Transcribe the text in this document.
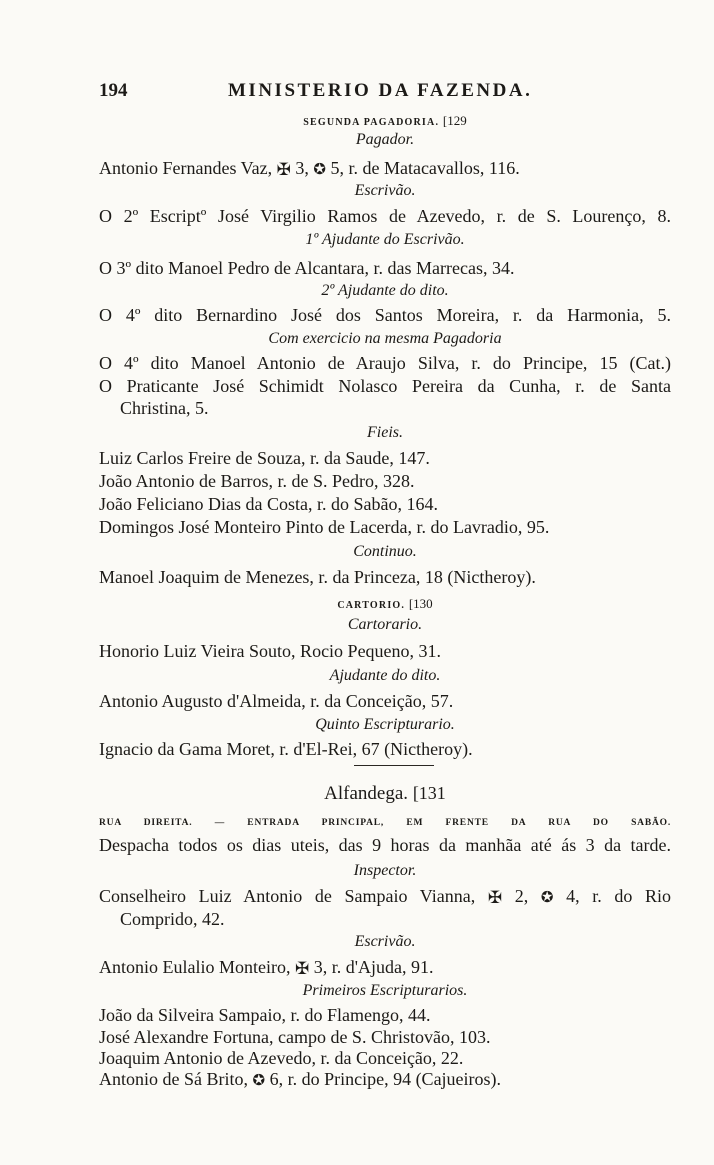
194	MINISTERIO DA FAZENDA.
SEGUNDA PAGADORIA. [129
Pagador.
Antonio Fernandes Vaz, ✠ 3, ✪ 5, r. de Matacavallos, 116.
Escrivão.
O 2º Escriptº José Virgilio Ramos de Azevedo, r. de S. Lourenço, 8.
1º Ajudante do Escrivão.
O 3º dito Manoel Pedro de Alcantara, r. das Marrecas, 34.
2º Ajudante do dito.
O 4º dito Bernardino José dos Santos Moreira, r. da Harmonia, 5.
Com exercicio na mesma Pagadoria
O 4º dito Manoel Antonio de Araujo Silva, r. do Principe, 15 (Cat.)
O Praticante José Schimidt Nolasco Pereira da Cunha, r. de Santa
Christina, 5.
Fieis.
Luiz Carlos Freire de Souza, r. da Saude, 147.
João Antonio de Barros, r. de S. Pedro, 328.
João Feliciano Dias da Costa, r. do Sabão, 164.
Domingos José Monteiro Pinto de Lacerda, r. do Lavradio, 95.
Continuo.
Manoel Joaquim de Menezes, r. da Princeza, 18 (Nictheroy).
CARTORIO. [130
Cartorario.
Honorio Luiz Vieira Souto, Rocio Pequeno, 31.
Ajudante do dito.
Antonio Augusto d'Almeida, r. da Conceição, 57.
Quinto Escripturario.
Ignacio da Gama Moret, r. d'El-Rei, 67 (Nictheroy).
Alfandega. [131
RUA DIREITA. — ENTRADA PRINCIPAL, EM FRENTE DA RUA DO SABÃO.
Despacha todos os dias uteis, das 9 horas da manhãa até ás 3 da tarde.
Inspector.
Conselheiro Luiz Antonio de Sampaio Vianna, ✠ 2, ✪ 4, r. do Rio
Comprido, 42.
Escrivão.
Antonio Eulalio Monteiro, ✠ 3, r. d'Ajuda, 91.
Primeiros Escripturarios.
João da Silveira Sampaio, r. do Flamengo, 44.
José Alexandre Fortuna, campo de S. Christovão, 103.
Joaquim Antonio de Azevedo, r. da Conceição, 22.
Antonio de Sá Brito, ✪ 6, r. do Principe, 94 (Cajueiros).
